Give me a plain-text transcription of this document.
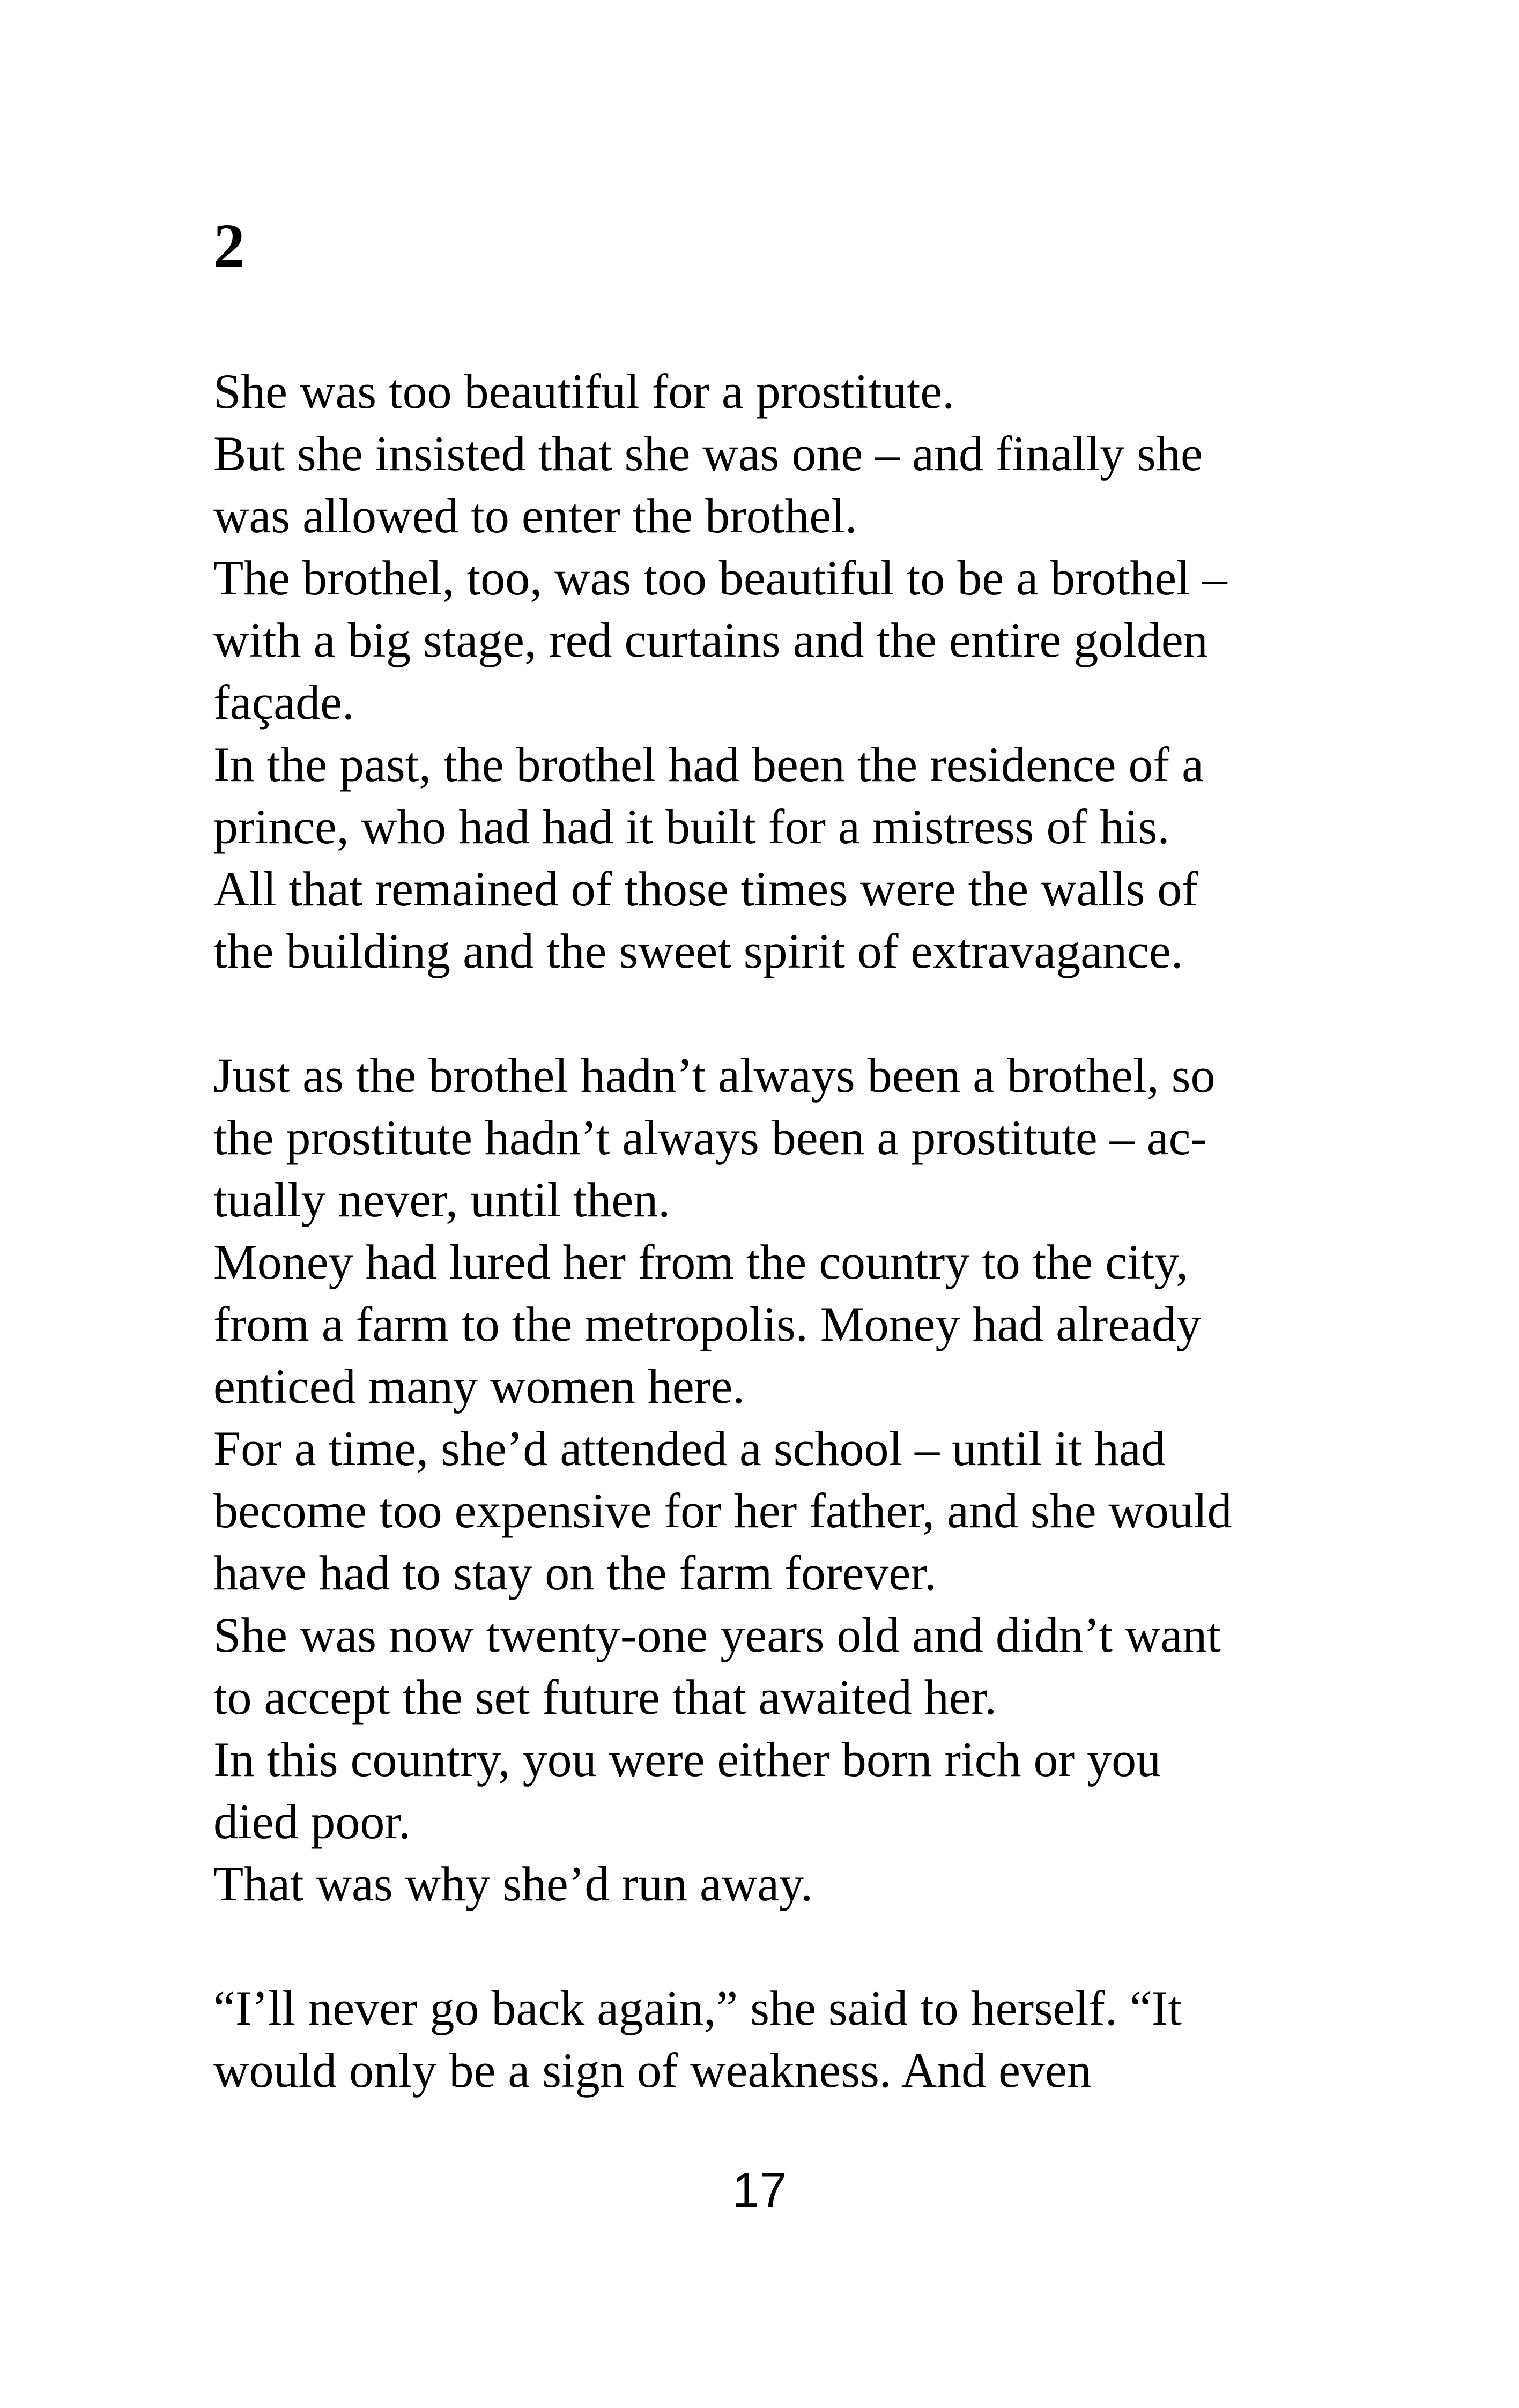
2
She was too beautiful for a prostitute.
But she insisted that she was one – and finally she
was allowed to enter the brothel.
The brothel, too, was too beautiful to be a brothel –
with a big stage, red curtains and the entire golden
façade.
In the past, the brothel had been the residence of a
prince, who had had it built for a mistress of his.
All that remained of those times were the walls of
the building and the sweet spirit of extravagance.
Just as the brothel hadn’t always been a brothel, so
the prostitute hadn’t always been a prostitute – ac-
tually never, until then.
Money had lured her from the country to the city,
from a farm to the metropolis. Money had already
enticed many women here.
For a time, she’d attended a school – until it had
become too expensive for her father, and she would
have had to stay on the farm forever.
She was now twenty-one years old and didn’t want
to accept the set future that awaited her.
In this country, you were either born rich or you
died poor.
That was why she’d run away.
“I’ll never go back again,” she said to herself. “It
would only be a sign of weakness. And even
17
